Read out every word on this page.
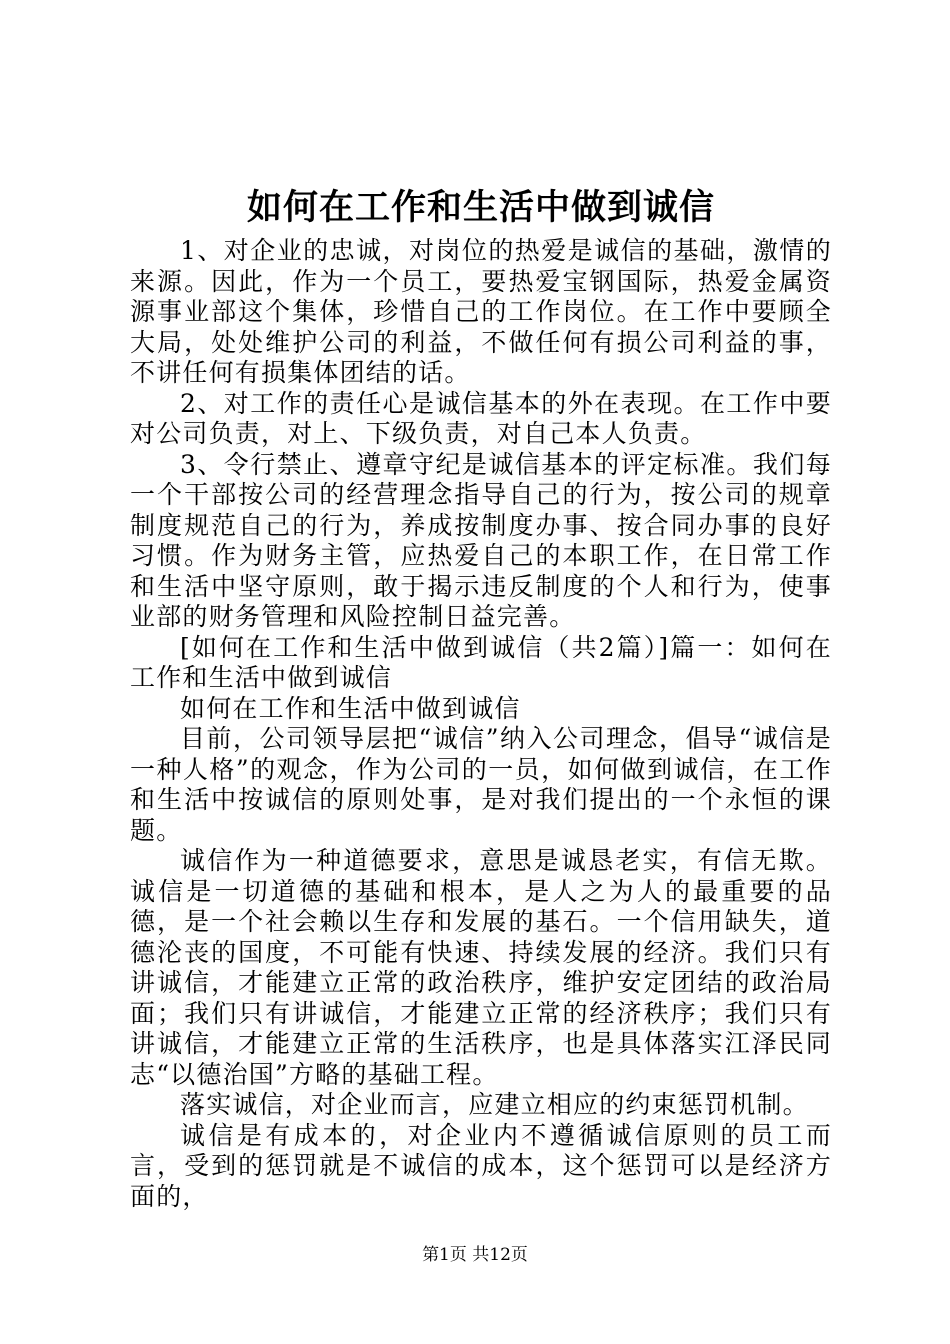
如何在工作和生活中做到诚信

1、对企业的忠诚，对岗位的热爱是诚信的基础，激情的来源。因此，作为一个员工，要热爱宝钢国际，热爱金属资源事业部这个集体，珍惜自己的工作岗位。在工作中要顾全大局，处处维护公司的利益，不做任何有损公司利益的事，不讲任何有损集体团结的话。

2、对工作的责任心是诚信基本的外在表现。在工作中要对公司负责，对上、下级负责，对自己本人负责。

3、令行禁止、遵章守纪是诚信基本的评定标准。我们每一个干部按公司的经营理念指导自己的行为，按公司的规章制度规范自己的行为，养成按制度办事、按合同办事的良好习惯。作为财务主管，应热爱自己的本职工作，在日常工作和生活中坚守原则，敢于揭示违反制度的个人和行为，使事业部的财务管理和风险控制日益完善。

[如何在工作和生活中做到诚信（共2篇）]篇一：如何在工作和生活中做到诚信

如何在工作和生活中做到诚信

目前，公司领导层把“诚信”纳入公司理念，倡导“诚信是一种人格”的观念，作为公司的一员，如何做到诚信，在工作和生活中按诚信的原则处事，是对我们提出的一个永恒的课题。

诚信作为一种道德要求，意思是诚恳老实，有信无欺。诚信是一切道德的基础和根本，是人之为人的最重要的品德，是一个社会赖以生存和发展的基石。一个信用缺失，道德沦丧的国度，不可能有快速、持续发展的经济。我们只有讲诚信，才能建立正常的政治秩序，维护安定团结的政治局面；我们只有讲诚信，才能建立正常的经济秩序；我们只有讲诚信，才能建立正常的生活秩序，也是具体落实江泽民同志“以德治国”方略的基础工程。

落实诚信，对企业而言，应建立相应的约束惩罚机制。

诚信是有成本的，对企业内不遵循诚信原则的员工而言，受到的惩罚就是不诚信的成本，这个惩罚可以是经济方面的，

第1页 共12页
